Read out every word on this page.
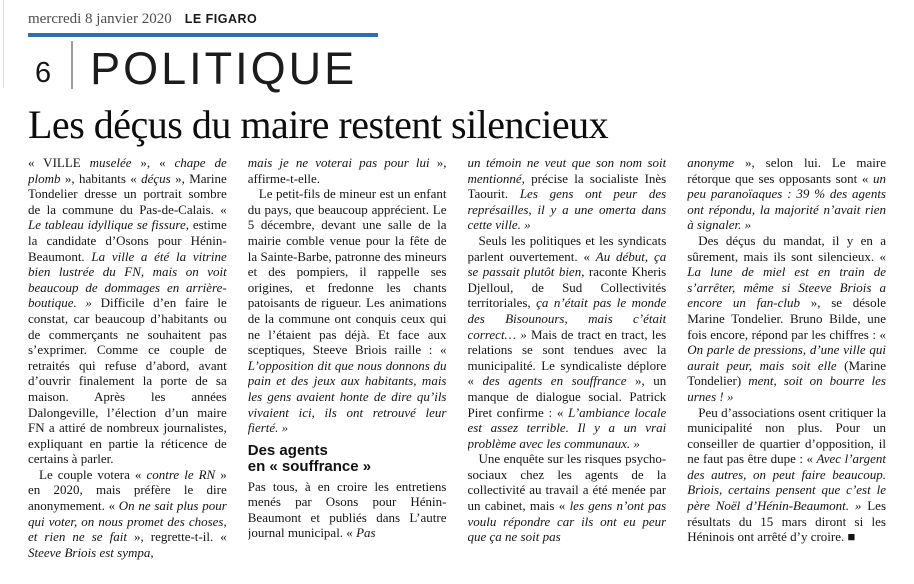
mercredi 8 janvier 2020 LE FIGARO
6 POLITIQUE
Les déçus du maire restent silencieux

« VILLE muselée », « chape de plomb », habitants « déçus », Marine Tondelier dresse un portrait sombre de la commune du Pas-de-Calais. « Le tableau idyllique se fissure, estime la candidate d’Osons pour Hénin-Beaumont. La ville a été la vitrine bien lustrée du FN, mais on voit beaucoup de dommages en arrière-boutique. » Difficile d’en faire le constat, car beaucoup d’habitants ou de commerçants ne souhaitent pas s’exprimer. Comme ce couple de retraités qui refuse d’abord, avant d’ouvrir finalement la porte de sa maison. Après les années Dalongeville, l’élection d’un maire FN a attiré de nombreux journalistes, expliquant en partie la réticence de certains à parler.

Le couple votera « contre le RN » en 2020, mais préfère le dire anonymement. « On ne sait plus pour qui voter, on nous promet des choses, et rien ne se fait », regrette-t-il. « Steeve Briois est sympa,

mais je ne voterai pas pour lui », affirme-t-elle.

Le petit-fils de mineur est un enfant du pays, que beaucoup apprécient. Le 5 décembre, devant une salle de la mairie comble venue pour la fête de la Sainte-Barbe, patronne des mineurs et des pompiers, il rappelle ses origines, et fredonne les chants patoisants de rigueur. Les animations de la commune ont conquis ceux qui ne l’étaient pas déjà. Et face aux sceptiques, Steeve Briois raille : « L’opposition dit que nous donnons du pain et des jeux aux habitants, mais les gens avaient honte de dire qu’ils vivaient ici, ils ont retrouvé leur fierté. »

Des agents
en « souffrance »

Pas tous, à en croire les entretiens menés par Osons pour Hénin-Beaumont et publiés dans L’autre journal municipal. « Pas

un témoin ne veut que son nom soit mentionné, précise la socialiste Inès Taourit. Les gens ont peur des représailles, il y a une omerta dans cette ville. »

Seuls les politiques et les syndicats parlent ouvertement. « Au début, ça se passait plutôt bien, raconte Kheris Djelloul, de Sud Collectivités territoriales, ça n’était pas le monde des Bisounours, mais c’était correct… » Mais de tract en tract, les relations se sont tendues avec la municipalité. Le syndicaliste déplore « des agents en souffrance », un manque de dialogue social. Patrick Piret confirme : « L’ambiance locale est assez terrible. Il y a un vrai problème avec les communaux. »

Une enquête sur les risques psycho-sociaux chez les agents de la collectivité au travail a été menée par un cabinet, mais « les gens n’ont pas voulu répondre car ils ont eu peur que ça ne soit pas

anonyme », selon lui. Le maire rétorque que ses opposants sont « un peu paranoïaques : 39 % des agents ont répondu, la majorité n’avait rien à signaler. »

Des déçus du mandat, il y en a sûrement, mais ils sont silencieux. « La lune de miel est en train de s’arrêter, même si Steeve Briois a encore un fan-club », se désole Marine Tondelier. Bruno Bilde, une fois encore, répond par les chiffres : « On parle de pressions, d’une ville qui aurait peur, mais soit elle (Marine Tondelier) ment, soit on bourre les urnes ! »

Peu d’associations osent critiquer la municipalité non plus. Pour un conseiller de quartier d’opposition, il ne faut pas être dupe : « Avec l’argent des autres, on peut faire beaucoup. Briois, certains pensent que c’est le père Noël d’Hénin-Beaumont. » Les résultats du 15 mars diront si les Héninois ont arrêté d’y croire. ■
